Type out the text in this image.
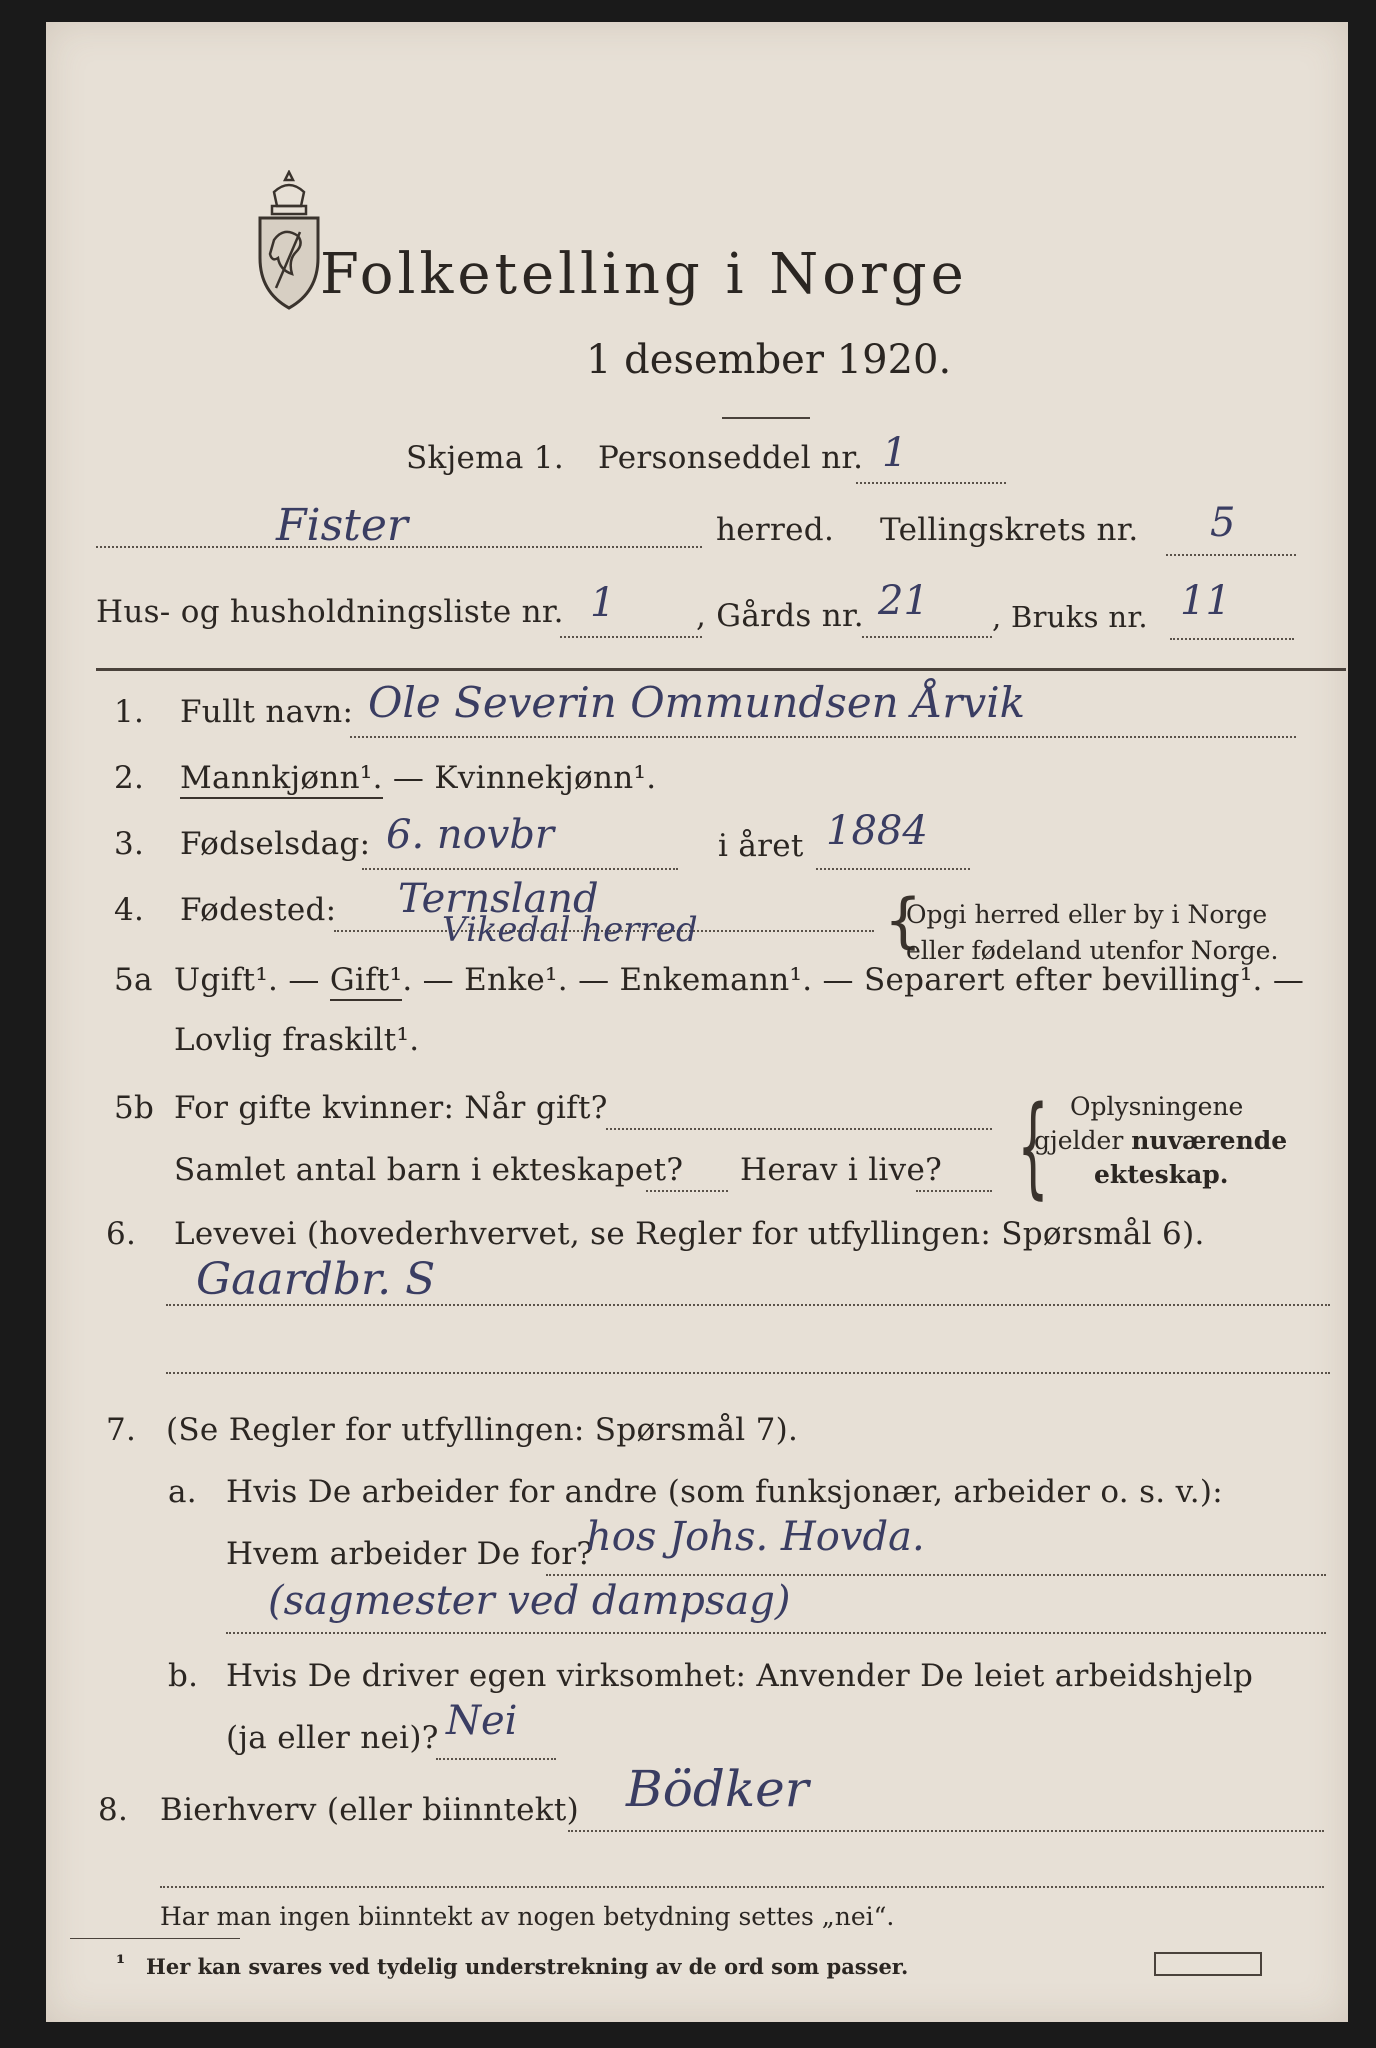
Folketelling i Norge
1 desember 1920.
Skjema 1. Personseddel nr. 1
Fister	herred. Tellingskrets nr. 5
Hus- og husholdningsliste nr. 1	, Gårds nr. 21 , Bruks nr. 11
1. Fullt navn: Ole Severin Ommundsen Årvik
2. Mannkjønn¹. — Kvinnekjønn¹.
3. Fødselsdag: 6. novbr	i året 1884
4. Fødested: Ternsland
Vikedal herred	{
Opgi herred eller by i Norge
eller fødeland utenfor Norge.
5a Ugift¹. — Gift¹. — Enke¹. — Enkemann¹. — Separert efter bevilling¹. —
Lovlig fraskilt¹.
5b For gifte kvinner: Når gift?
Samlet antal barn i ekteskapet? Herav i live? { Oplysningene
gjelder nuværende
ekteskap.
6. Levevei (hovederhvervet, se Regler for utfyllingen: Spørsmål 6).
Gaardbr. S
7. (Se Regler for utfyllingen: Spørsmål 7).
a. Hvis De arbeider for andre (som funksjonær, arbeider o. s. v.):
Hvem arbeider De for?
hos Johs. Hovda.
(sagmester ved dampsag)
b. Hvis De driver egen virksomhet: Anvender De leiet arbeidshjelp
(ja eller nei)? Nei
8. Bierhverv (eller biinntekt) Bödker
Har man ingen biinntekt av nogen betydning settes „nei“.
¹ Her kan svares ved tydelig understrekning av de ord som passer.
